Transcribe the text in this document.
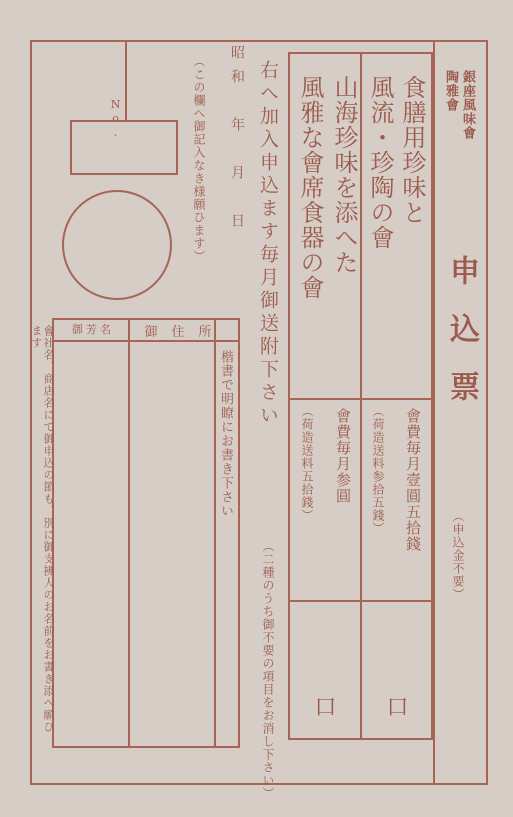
銀座風味會
陶雅會
申込票
（申込金不要）
食膳用珍味と
風流・珍陶の會
會費毎月壹圓五拾錢
（荷造送料参拾五錢）
口
山海珍味を添へた
風雅な會席食器の會
會費毎月参圓
（荷造送料五拾錢）
口
右へ加入申込ます毎月御送附下さい
（二種のうち御不要の項目をお消し下さい）
昭和　年　月　日
No.	（この欄へ御記入なき様願ひます）
御住所
御芳名
楷書で明瞭にお書き下さい
會社名、商店名にて御申込の節も、別に御支拂人のお名前をお書き添へ願ひます
